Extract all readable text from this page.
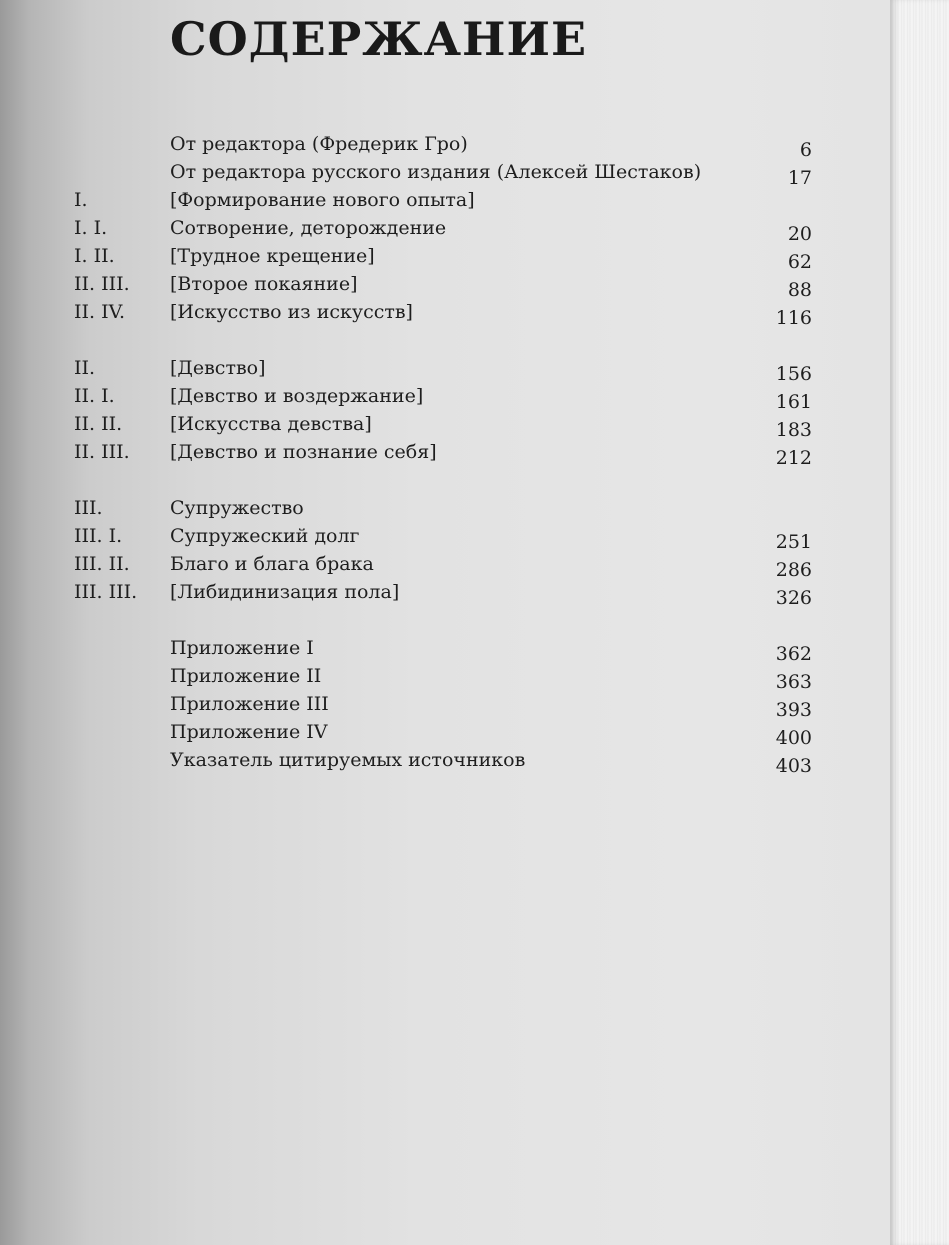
СОДЕРЖАНИЕ
От редактора (Фредерик Гро)	6
От редактора русского издания (Алексей Шестаков)	17
I.	[Формирование нового опыта]
I. I.	Сотворение, деторождение	20
I. II.	[Трудное крещение]	62
II. III. [Второе покаяние]	88
II. IV. [Искусство из искусств]	116
II.	[Девство]	156
II. I.	[Девство и воздержание]	161
II. II.	[Искусства девства]	183
II. III. [Девство и познание себя]	212
III.	Супружество
III. I.	Супружеский долг	251
III. II. Благо и блага брака	286
III. III. [Либидинизация пола]	326
Приложение I	362
Приложение II	363
Приложение III	393
Приложение IV	400
Указатель цитируемых источников	403
